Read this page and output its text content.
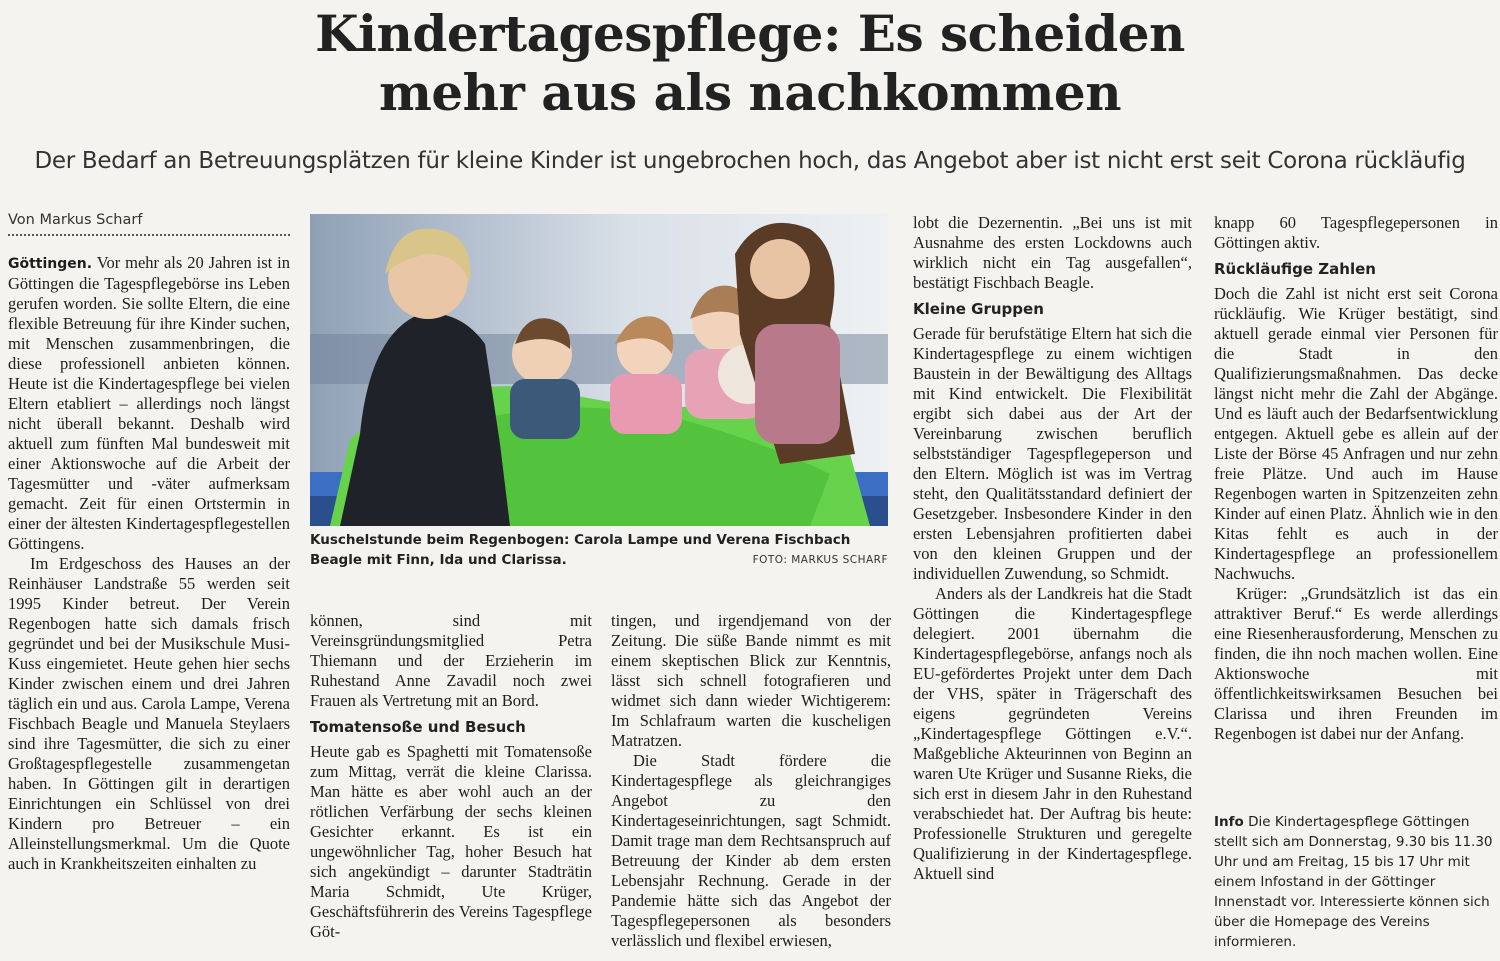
Kindertagespflege: Es scheiden
mehr aus als nachkommen
Der Bedarf an Betreuungsplätzen für kleine Kinder ist ungebrochen hoch, das Angebot aber ist nicht erst seit Corona rückläufig
Von Markus Scharf

Göttingen. Vor mehr als 20 Jahren ist in Göttingen die Tagespflegebörse ins Leben gerufen worden. Sie sollte Eltern, die eine flexible Betreuung für ihre Kinder suchen, mit Menschen zusammenbringen, die diese professionell anbieten können. Heute ist die Kindertagespflege bei vielen Eltern etabliert – allerdings noch längst nicht überall bekannt. Deshalb wird aktuell zum fünften Mal bundesweit mit einer Aktionswoche auf die Arbeit der Tagesmütter und -väter aufmerksam gemacht. Zeit für einen Ortstermin in einer der ältesten Kindertagespflegestellen Göttingens.

Im Erdgeschoss des Hauses an der Reinhäuser Landstraße 55 werden seit 1995 Kinder betreut. Der Verein Regenbogen hatte sich damals frisch gegründet und bei der Musikschule Musi-Kuss eingemietet. Heute gehen hier sechs Kinder zwischen einem und drei Jahren täglich ein und aus. Carola Lampe, Verena Fischbach Beagle und Manuela Steylaers sind ihre Tagesmütter, die sich zu einer Großtagespflegestelle zusammengetan haben. In Göttingen gilt in derartigen Einrichtungen ein Schlüssel von drei Kindern pro Betreuer – ein Alleinstellungsmerkmal. Um die Quote auch in Krankheitszeiten einhalten zu

Kuschelstunde beim Regenbogen: Carola Lampe und Verena Fischbach Beagle mit Finn, Ida und Clarissa.	FOTO: MARKUS SCHARF

können, sind mit Vereinsgründungsmitglied Petra Thiemann und der Erzieherin im Ruhestand Anne Zavadil noch zwei Frauen als Vertretung mit an Bord.

Tomatensoße und Besuch

Heute gab es Spaghetti mit Tomatensoße zum Mittag, verrät die kleine Clarissa. Man hätte es aber wohl auch an der rötlichen Verfärbung der sechs kleinen Gesichter erkannt. Es ist ein ungewöhnlicher Tag, hoher Besuch hat sich angekündigt – darunter Stadträtin Maria Schmidt, Ute Krüger, Geschäftsführerin des Vereins Tagespflege Göt-

tingen, und irgendjemand von der Zeitung. Die süße Bande nimmt es mit einem skeptischen Blick zur Kenntnis, lässt sich schnell fotografieren und widmet sich dann wieder Wichtigerem: Im Schlafraum warten die kuscheligen Matratzen.

Die Stadt fördere die Kindertagespflege als gleichrangiges Angebot zu den Kindertageseinrichtungen, sagt Schmidt. Damit trage man dem Rechtsanspruch auf Betreuung der Kinder ab dem ersten Lebensjahr Rechnung. Gerade in der Pandemie hätte sich das Angebot der Tagespflegepersonen als besonders verlässlich und flexibel erwiesen,

lobt die Dezernentin. „Bei uns ist mit Ausnahme des ersten Lockdowns auch wirklich nicht ein Tag ausgefallen“, bestätigt Fischbach Beagle.

Kleine Gruppen

Gerade für berufstätige Eltern hat sich die Kindertagespflege zu einem wichtigen Baustein in der Bewältigung des Alltags mit Kind entwickelt. Die Flexibilität ergibt sich dabei aus der Art der Vereinbarung zwischen beruflich selbstständiger Tagespflegeperson und den Eltern. Möglich ist was im Vertrag steht, den Qualitätsstandard definiert der Gesetzgeber. Insbesondere Kinder in den ersten Lebensjahren profitierten dabei von den kleinen Gruppen und der individuellen Zuwendung, so Schmidt.

Anders als der Landkreis hat die Stadt Göttingen die Kindertagespflege delegiert. 2001 übernahm die Kindertagespflegebörse, anfangs noch als EU-gefördertes Projekt unter dem Dach der VHS, später in Trägerschaft des eigens gegründeten Vereins „Kindertagespflege Göttingen e.V.“. Maßgebliche Akteurinnen von Beginn an waren Ute Krüger und Susanne Rieks, die sich erst in diesem Jahr in den Ruhestand verabschiedet hat. Der Auftrag bis heute: Professionelle Strukturen und geregelte Qualifizierung in der Kindertagespflege. Aktuell sind

knapp 60 Tagespflegepersonen in Göttingen aktiv.

Rückläufige Zahlen

Doch die Zahl ist nicht erst seit Corona rückläufig. Wie Krüger bestätigt, sind aktuell gerade einmal vier Personen für die Stadt in den Qualifizierungsmaßnahmen. Das decke längst nicht mehr die Zahl der Abgänge. Und es läuft auch der Bedarfsentwicklung entgegen. Aktuell gebe es allein auf der Liste der Börse 45 Anfragen und nur zehn freie Plätze. Und auch im Hause Regenbogen warten in Spitzenzeiten zehn Kinder auf einen Platz. Ähnlich wie in den Kitas fehlt es auch in der Kindertagespflege an professionellem Nachwuchs.

Krüger: „Grundsätzlich ist das ein attraktiver Beruf.“ Es werde allerdings eine Riesenherausforderung, Menschen zu finden, die ihn noch machen wollen. Eine Aktionswoche mit öffentlichkeitswirksamen Besuchen bei Clarissa und ihren Freunden im Regenbogen ist dabei nur der Anfang.

Info Die Kindertagespflege Göttingen stellt sich am Donnerstag, 9.30 bis 11.30 Uhr und am Freitag, 15 bis 17 Uhr mit einem Infostand in der Göttinger Innenstadt vor. Interessierte können sich über die Homepage des Vereins informieren.
